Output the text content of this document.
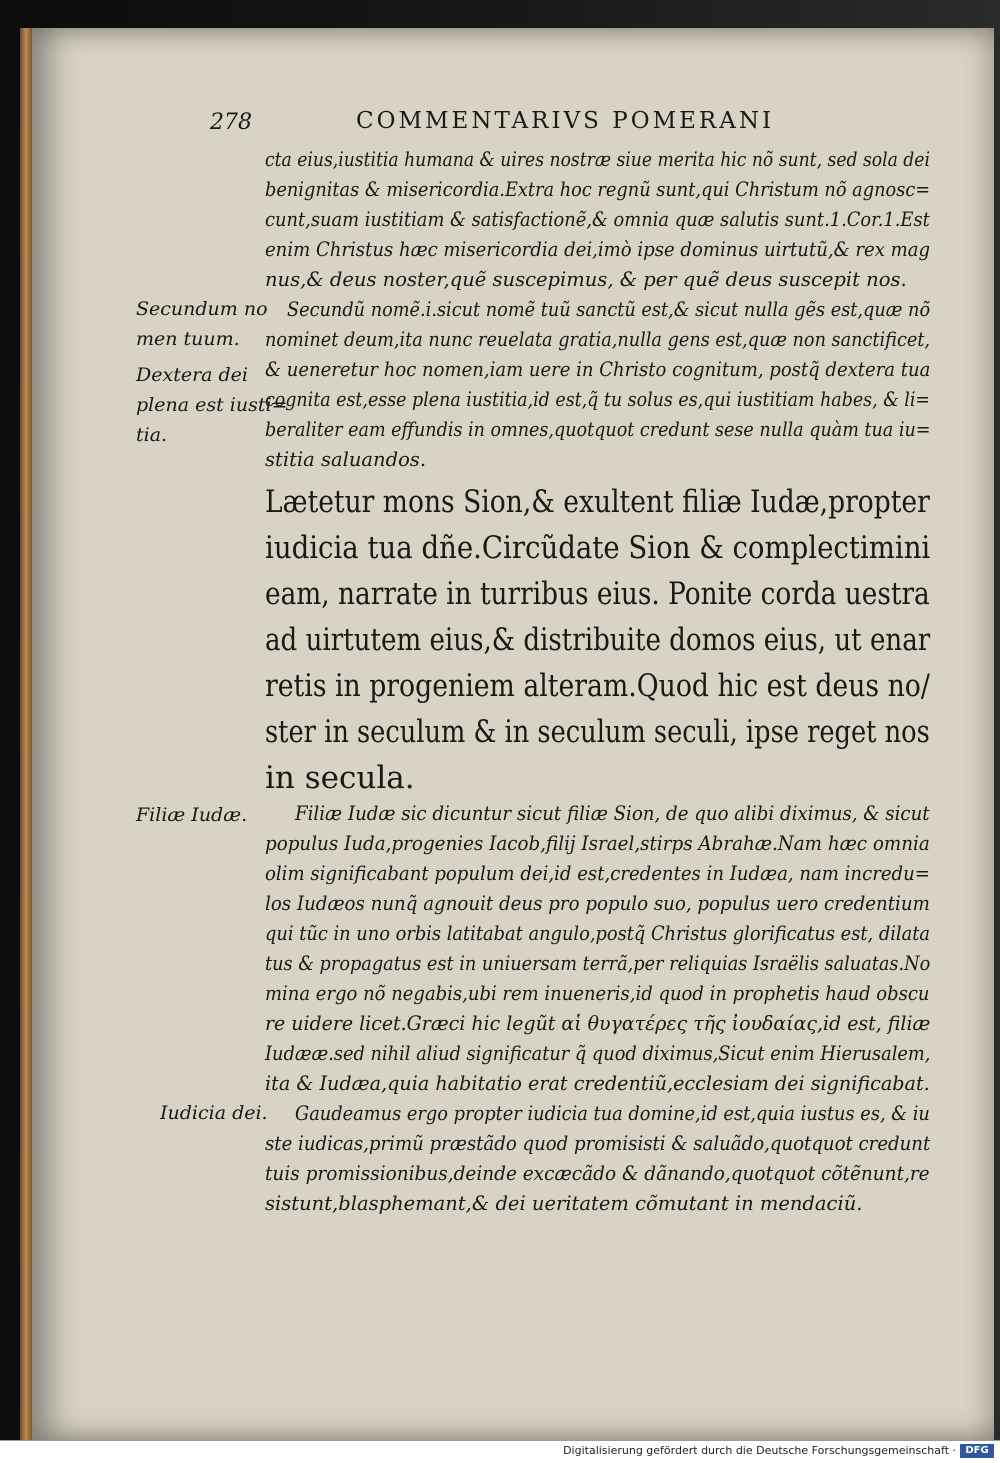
278	COMMENTARIVS POMERANI
cta eius,iustitia humana & uires nostræ siue merita hic nõ sunt, sed sola dei
benignitas & misericordia.Extra hoc regnũ sunt,qui Christum nõ agnosc=
cunt,suam iustitiam & satisfactionẽ,& omnia quæ salutis sunt.1.Cor.1.Est
enim Christus hæc misericordia dei,imò ipse dominus uirtutũ,& rex mag
nus,& deus noster,quẽ suscepimus, & per quẽ deus suscepit nos.
Secundũ nomẽ.i.sicut nomẽ tuũ sanctũ est,& sicut nulla gẽs est,quæ nõ
nominet deum,ita nunc reuelata gratia,nulla gens est,quæ non sanctificet,
& ueneretur hoc nomen,iam uere in Christo cognitum, postq̃ dextera tua
cognita est,esse plena iustitia,id est,q̃ tu solus es,qui iustitiam habes, & li=
beraliter eam effundis in omnes,quotquot credunt sese nulla quàm tua iu=
stitia saluandos.
Secundum no
men tuum.
Dextera dei
plena est iusti=
tia.
Lætetur mons Sion,& exultent filiæ Iudæ,propter
iudicia tua dñe.Circũdate Sion & complectimini
eam, narrate in turribus eius. Ponite corda uestra
ad uirtutem eius,& distribuite domos eius, ut enar
retis in progeniem alteram.Quod hic est deus no/
ster in seculum & in seculum seculi, ipse reget nos
in secula.
Filiæ Iudæ sic dicuntur sicut filiæ Sion, de quo alibi diximus, & sicut
populus Iuda,progenies Iacob,filij Israel,stirps Abrahæ.Nam hæc omnia
olim significabant populum dei,id est,credentes in Iudæa, nam incredu=
los Iudæos nunq̃ agnouit deus pro populo suo, populus uero credentium
qui tũc in uno orbis latitabat angulo,postq̃ Christus glorificatus est, dilata
tus & propagatus est in uniuersam terrã,per reliquias Israëlis saluatas.No
mina ergo nõ negabis,ubi rem inueneris,id quod in prophetis haud obscu
re uidere licet.Græci hic legũt αἱ θυγατέρες τῆς ἰουδαίας,id est, filiæ
Iudææ.sed nihil aliud significatur q̃ quod diximus,Sicut enim Hierusalem,
ita & Iudæa,quia habitatio erat credentiũ,ecclesiam dei significabat.
Gaudeamus ergo propter iudicia tua domine,id est,quia iustus es, & iu
ste iudicas,primũ præstãdo quod promisisti & saluãdo,quotquot credunt
tuis promissionibus,deinde excæcãdo & dãnando,quotquot cõtẽnunt,re
sistunt,blasphemant,& dei ueritatem cõmutant in mendaciũ.
Filiæ Iudæ.
Iudicia dei.
Digitalisierung gefördert durch die Deutsche Forschungsgemeinschaft · DFG
